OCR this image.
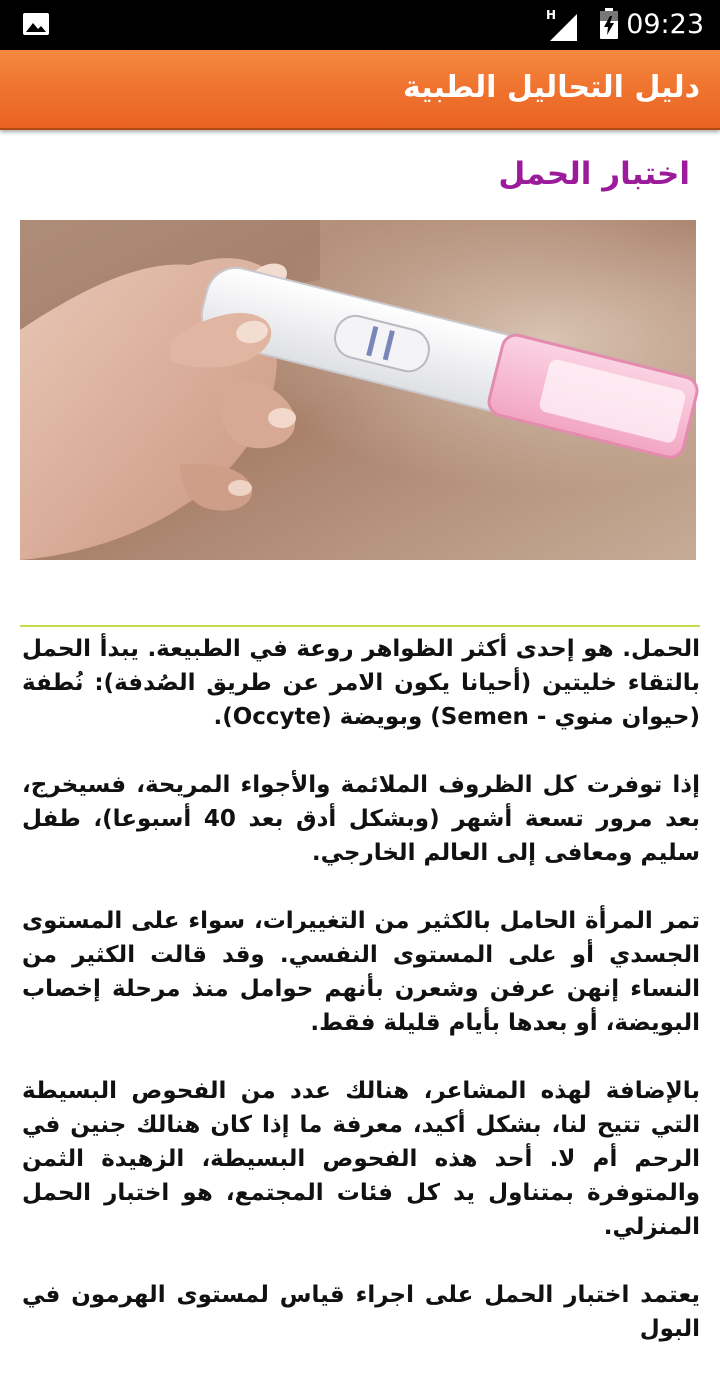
H	09:23
دليل التحاليل الطبية
اختبار الحمل

الحمل. هو إحدى أكثر الظواهر روعة في الطبيعة. يبدأ الحمل بالتقاء خليتين (أحيانا يكون الامر عن طريق الصُدفة): نُطفة (حيوان منوي - Semen) وبويضة (Occyte).

إذا توفرت كل الظروف الملائمة والأجواء المريحة، فسيخرج، بعد مرور تسعة أشهر (وبشكل أدق بعد 40 أسبوعا)، طفل سليم ومعافى إلى العالم الخارجي.

تمر المرأة الحامل بالكثير من التغييرات، سواء على المستوى الجسدي أو على المستوى النفسي. وقد قالت الكثير من النساء إنهن عرفن وشعرن بأنهم حوامل منذ مرحلة إخصاب البويضة، أو بعدها بأيام قليلة فقط.

بالإضافة لهذه المشاعر، هنالك عدد من الفحوص البسيطة التي تتيح لنا، بشكل أكيد، معرفة ما إذا كان هنالك جنين في الرحم أم لا. أحد هذه الفحوص البسيطة، الزهيدة الثمن والمتوفرة بمتناول يد كل فئات المجتمع، هو اختبار الحمل المنزلي.

يعتمد اختبار الحمل على اجراء قياس لمستوى الهرمون في البول
